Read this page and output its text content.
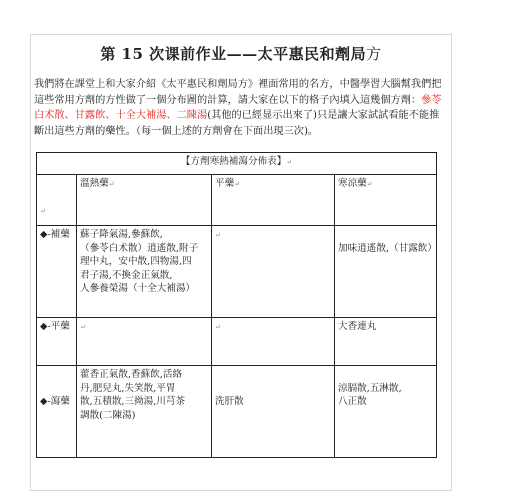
第 15 次课前作业——太平惠民和劑局方
我們將在課堂上和大家介紹《太平惠民和劑局方》裡面常用的名方，中醫學習大腦幫我們把這些常用方劑的方性做了一個分布圖的計算，請大家在以下的格子內填入這幾個方劑：參苓白术散、甘露飲、十全大補湯、二陳湯(其他的已經显示出來了)只是讓大家試試看能不能推斷出這些方劑的藥性。（每一個上述的方劑會在下面出現三次)。
【方劑寒熱補瀉分佈表】↵			

↵	溫熱藥↵	平藥↵	寒涼藥↵
◆-補藥	蘇子降氣湯,參蘇飲,
（參苓白术散）逍遙散,附子
理中丸，安中散,四物湯,四
君子湯,不換金正氣散,
人參養榮湯（十全大補湯）	↵	加味逍遙散,（甘露飲）

◆-平藥	↵	↵	大香連丸

◆-瀉藥	藿香正氣散,香蘇飲,活絡
丹,肥兒丸,失笑散,平胃
散,五積散,三拗湯,川芎茶
調散(二陳湯)	洗肝散	涼膈散,五淋散,
八正散
